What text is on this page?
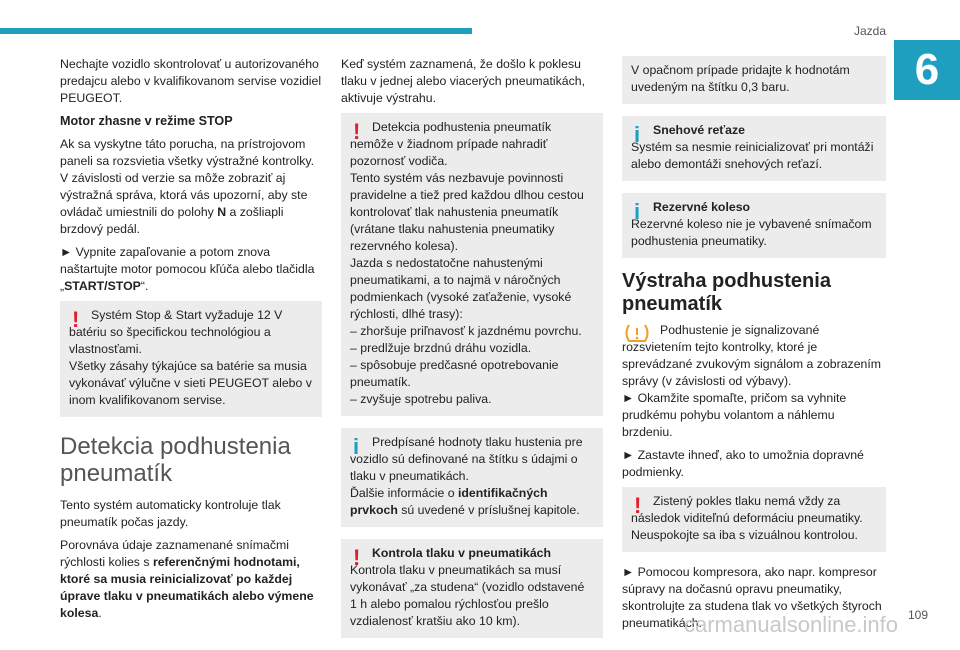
Jazda
6

Nechajte vozidlo skontrolovať u autorizovaného predajcu alebo v kvalifikovanom servise vozidiel PEUGEOT.

Motor zhasne v režime STOP

Ak sa vyskytne táto porucha, na prístrojovom paneli sa rozsvietia všetky výstražné kontrolky. V závislosti od verzie sa môže zobraziť aj výstražná správa, ktorá vás upozorní, aby ste ovládač umiestnili do polohy N a zošliapli brzdový pedál.

► Vypnite zapaľovanie a potom znova naštartujte motor pomocou kľúča alebo tlačidla „START/STOP“.

! Systém Stop & Start vyžaduje 12 V
batériu so špecifickou technológiou a vlastnosťami.
Všetky zásahy týkajúce sa batérie sa musia vykonávať výlučne v sieti PEUGEOT alebo v inom kvalifikovanom servise.
Detekcia podhustenia pneumatík

Tento systém automaticky kontroluje tlak pneumatík počas jazdy.

Porovnáva údaje zaznamenané snímačmi rýchlosti kolies s referenčnými hodnotami, ktoré sa musia reinicializovať po každej úprave tlaku v pneumatikách alebo výmene kolesa.

Keď systém zaznamená, že došlo k poklesu tlaku v jednej alebo viacerých pneumatikách, aktivuje výstrahu.

! Detekcia podhustenia pneumatík
nemôže v žiadnom prípade nahradiť pozornosť vodiča.
Tento systém vás nezbavuje povinnosti pravidelne a tiež pred každou dlhou cestou kontrolovať tlak nahustenia pneumatík (vrátane tlaku nahustenia pneumatiky rezervného kolesa).
Jazda s nedostatočne nahustenými pneumatikami, a to najmä v náročných podmienkach (vysoké zaťaženie, vysoké rýchlosti, dlhé trasy):
– zhoršuje priľnavosť k jazdnému povrchu.
– predlžuje brzdnú dráhu vozidla.
– spôsobuje predčasné opotrebovanie pneumatík.
– zvyšuje spotrebu paliva.
i	Predpísané hodnoty tlaku hustenia pre
vozidlo sú definované na štítku s údajmi o tlaku v pneumatikách.
Ďalšie informácie o identifikačných prvkoch sú uvedené v príslušnej kapitole.
! Kontrola tlaku v pneumatikách
Kontrola tlaku v pneumatikách sa musí vykonávať „za studena“ (vozidlo odstavené 1 h alebo pomalou rýchlosťou prešlo vzdialenosť kratšiu ako 10 km).
V opačnom prípade pridajte k hodnotám uvedeným na štítku 0,3 baru.
i	Snehové reťaze
Systém sa nesmie reinicializovať pri montáži alebo demontáži snehových reťazí.
i	Rezervné koleso
Rezervné koleso nie je vybavené snímačom podhustenia pneumatiky.
Výstraha podhustenia pneumatík
Podhustenie je signalizované
rozsvietením tejto kontrolky, ktoré je sprevádzané zvukovým signálom a zobrazením správy (v závislosti od výbavy).

► Okamžite spomaľte, pričom sa vyhnite prudkému pohybu volantom a náhlemu brzdeniu.

► Zastavte ihneď, ako to umožnia dopravné podmienky.

! Zistený pokles tlaku nemá vždy za
následok viditeľnú deformáciu pneumatiky.
Neuspokojte sa iba s vizuálnou kontrolou.

► Pomocou kompresora, ako napr. kompresor súpravy na dočasnú opravu pneumatiky, skontrolujte za studena tlak vo všetkých štyroch pneumatikách.

109
carmanualsonline.info
